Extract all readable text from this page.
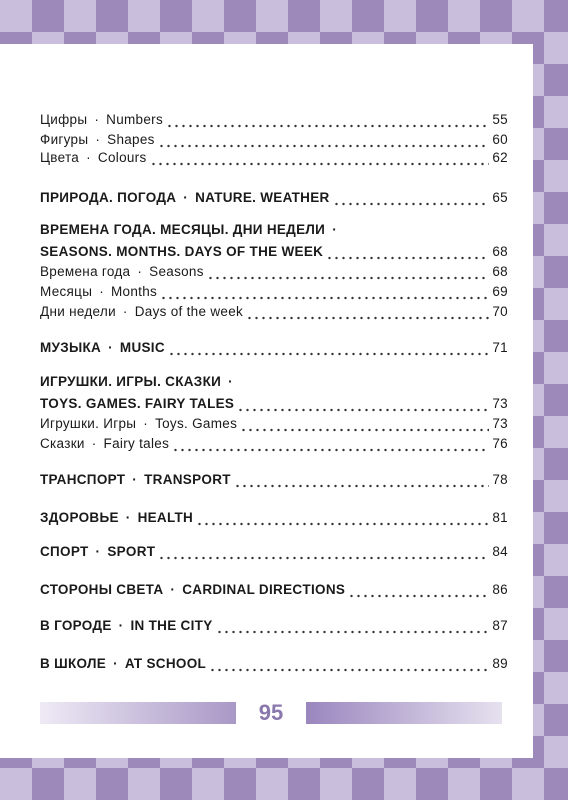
Цифры · Numbers	55
Фигуры · Shapes	60
Цвета · Colours	62
ПРИРОДА. ПОГОДА · NATURE. WEATHER	65
ВРЕМЕНА ГОДА. МЕСЯЦЫ. ДНИ НЕДЕЛИ ·
SEASONS. MONTHS. DAYS OF THE WEEK	68
Времена года · Seasons	68
Месяцы · Months	69
Дни недели · Days of the week	70
МУЗЫКА · MUSIC	71
ИГРУШКИ. ИГРЫ. СКАЗКИ ·
TOYS. GAMES. FAIRY TALES	73
Игрушки. Игры · Toys. Games	73
Сказки · Fairy tales	76
ТРАНСПОРТ · TRANSPORT	78
ЗДОРОВЬЕ · HEALTH	81
СПОРТ · SPORT	84
СТОРОНЫ СВЕТА · CARDINAL DIRECTIONS	86
В ГОРОДЕ · IN THE CITY	87
В ШКОЛЕ · AT SCHOOL	89
95
